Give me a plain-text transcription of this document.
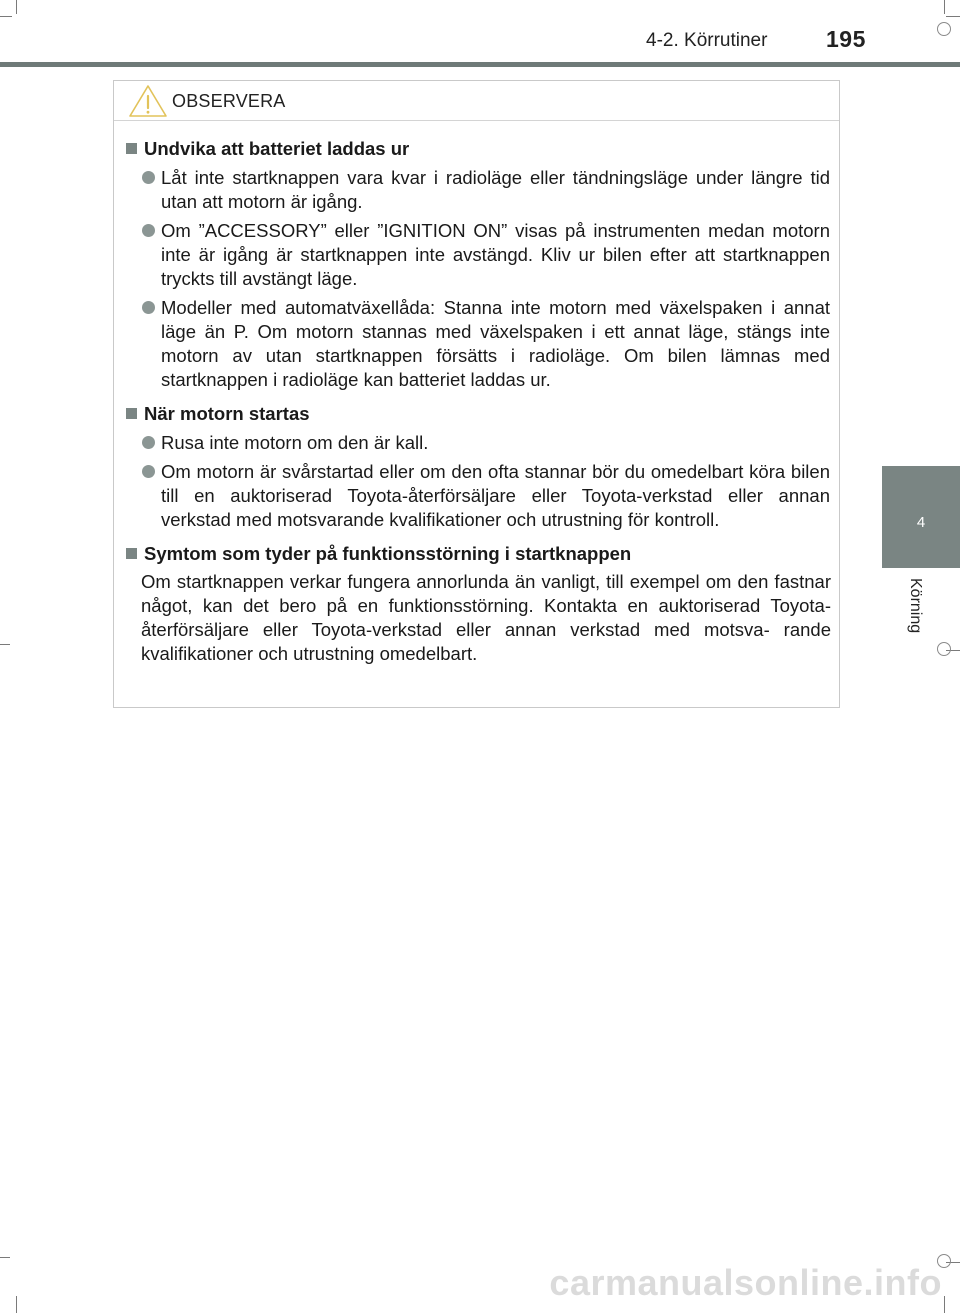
4-2. Körrutiner	195
4
Körning
OBSERVERA
Undvika att batteriet laddas ur
Låt inte startknappen vara kvar i radioläge eller tändningsläge under längre tid utan att motorn är igång.
Om ”ACCESSORY” eller ”IGNITION ON” visas på instrumenten medan motorn inte är igång är startknappen inte avstängd. Kliv ur bilen efter att startknappen tryckts till avstängt läge.
Modeller med automatväxellåda: Stanna inte motorn med växelspaken i annat läge än P. Om motorn stannas med växelspaken i ett annat läge, stängs inte motorn av utan startknappen försätts i radioläge. Om bilen lämnas med startknappen i radioläge kan batteriet laddas ur.
När motorn startas
Rusa inte motorn om den är kall.
Om motorn är svårstartad eller om den ofta stannar bör du omedelbart köra bilen till en auktoriserad Toyota-återförsäljare eller Toyota-verkstad eller annan verkstad med motsvarande kvalifikationer och utrustning för kontroll.
Symtom som tyder på funktionsstörning i startknappen
Om startknappen verkar fungera annorlunda än vanligt, till exempel om den fastnar något, kan det bero på en funktionsstörning. Kontakta en auktoriserad Toyota-återförsäljare eller Toyota-verkstad eller annan verkstad med motsva- rande kvalifikationer och utrustning omedelbart.
carmanualsonline.info
